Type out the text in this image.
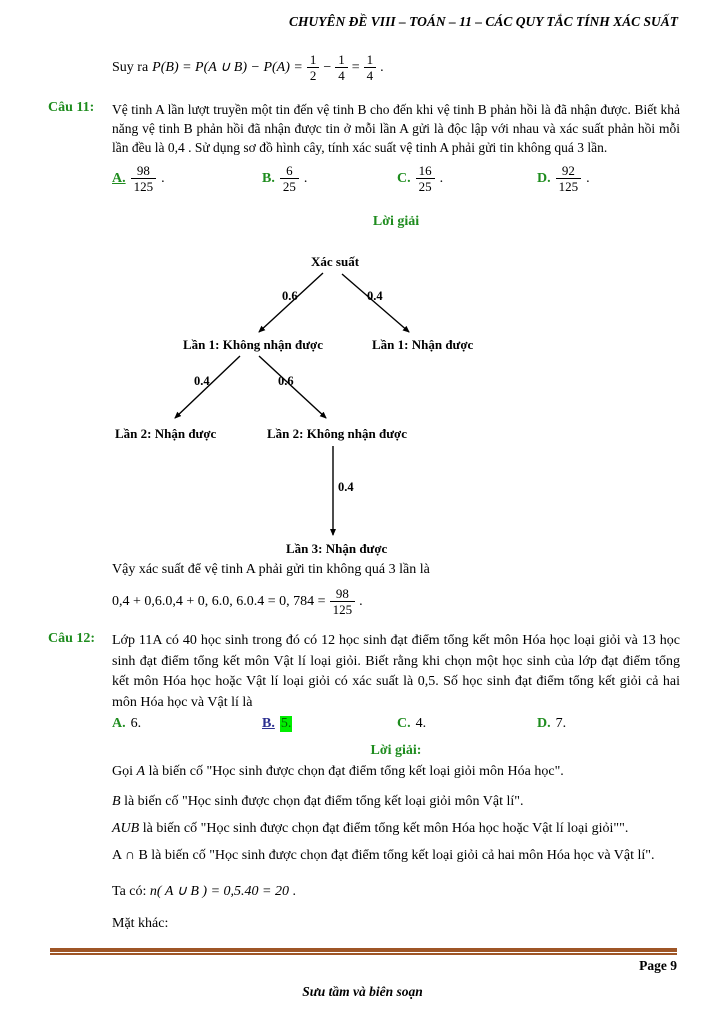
CHUYÊN ĐỀ VIII – TOÁN – 11 – CÁC QUY TẮC TÍNH XÁC SUẤT
Suy ra P(B) = P(A ∪ $B) - P(A) = \frac{1}{2} - \frac{1}{4} = \frac{1}{4}$ .
Câu 11: Vệ tinh A lần lượt truyền một tin đến vệ tinh B cho đến khi vệ tinh B phản hồi là đã nhận được. Biết khả năng vệ tinh B phản hồi đã nhận được tin ở mỗi lần A gửi là độc lập với nhau và xác suất phản hồi mỗi lần đều là 0,4 . Sử dụng sơ đồ hình cây, tính xác suất vệ tinh A phải gửi tin không quá 3 lần.
A. $\frac{98}{125}$ .	B. $\frac{6}{25}$ .	C. $\frac{16}{25}$ .	D. $\frac{92}{125}$ .
Lời giải
Xác suất
0.6	0.4
Lần 1: Không nhận được	Lần 1: Nhận được
0.4	0.6
Lần 2: Nhận được	Lần 2: Không nhận được
0.4
Lần 3: Nhận được
Vậy xác suất để vệ tinh A phải gửi tin không quá 3 lần là
0,4 + 0,6.0,4 + 0, 6.0, 6.0.4 = 0, $784 = \frac{98}{125}$ .
Câu 12: Lớp 11A có 40 học sinh trong đó có 12 học sinh đạt điểm tổng kết môn Hóa học loại giỏi và 13 học sinh đạt điểm tổng kết môn Vật lí loại giỏi. Biết rằng khi chọn một học sinh của lớp đạt điểm tổng kết môn Hóa học hoặc Vật lí loại giỏi có xác suất là 0,5. Số học sinh đạt điểm tổng kết giỏi cả hai môn Hóa học và Vật lí là
A. 6.	B. 5.	C. 4.	D. 7.
Lời giải:

Gọi A là biến cố "Học sinh được chọn đạt điểm tổng kết loại giỏi môn Hóa học".

B là biến cố "Học sinh được chọn đạt điểm tổng kết loại giỏi môn Vật lí".

AUB là biến cố "Học sinh được chọn đạt điểm tổng kết môn Hóa học hoặc Vật lí loại giỏi"".

A ∩ B là biến cố "Học sinh được chọn đạt điểm tổng kết loại giỏi cả hai môn Hóa học và Vật lí".

Ta có: n( A ∪ B ) = 0,5.40 = 20 .

Mặt khác:

Page 9
Sưu tầm và biên soạn
